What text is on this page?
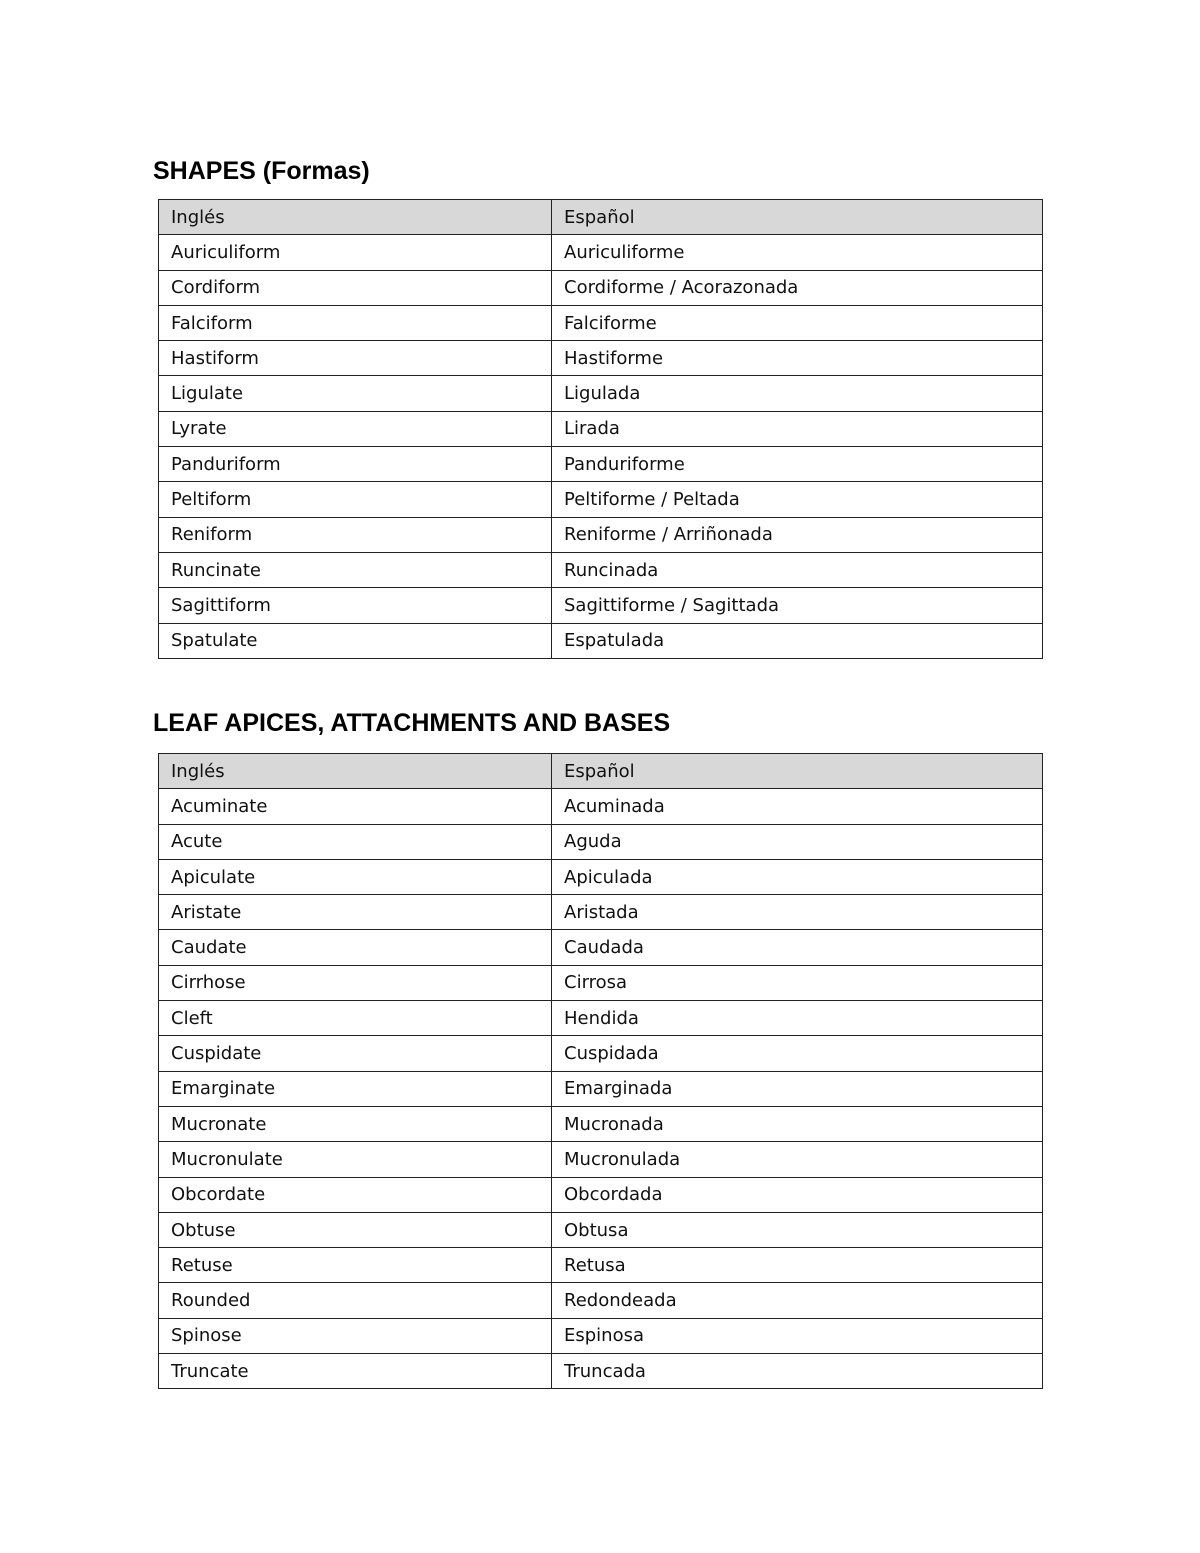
SHAPES (Formas)
Inglés	Español
Auriculiform	Auriculiforme
Cordiform	Cordiforme / Acorazonada
Falciform	Falciforme
Hastiform	Hastiforme
Ligulate	Ligulada
Lyrate	Lirada
Panduriform	Panduriforme
Peltiform	Peltiforme / Peltada
Reniform	Reniforme / Arriñonada
Runcinate	Runcinada
Sagittiform	Sagittiforme / Sagittada
Spatulate	Espatulada
LEAF APICES, ATTACHMENTS AND BASES
Inglés	Español
Acuminate	Acuminada
Acute	Aguda
Apiculate	Apiculada
Aristate	Aristada
Caudate	Caudada
Cirrhose	Cirrosa
Cleft	Hendida
Cuspidate	Cuspidada
Emarginate	Emarginada
Mucronate	Mucronada
Mucronulate	Mucronulada
Obcordate	Obcordada
Obtuse	Obtusa
Retuse	Retusa
Rounded	Redondeada
Spinose	Espinosa
Truncate	Truncada
